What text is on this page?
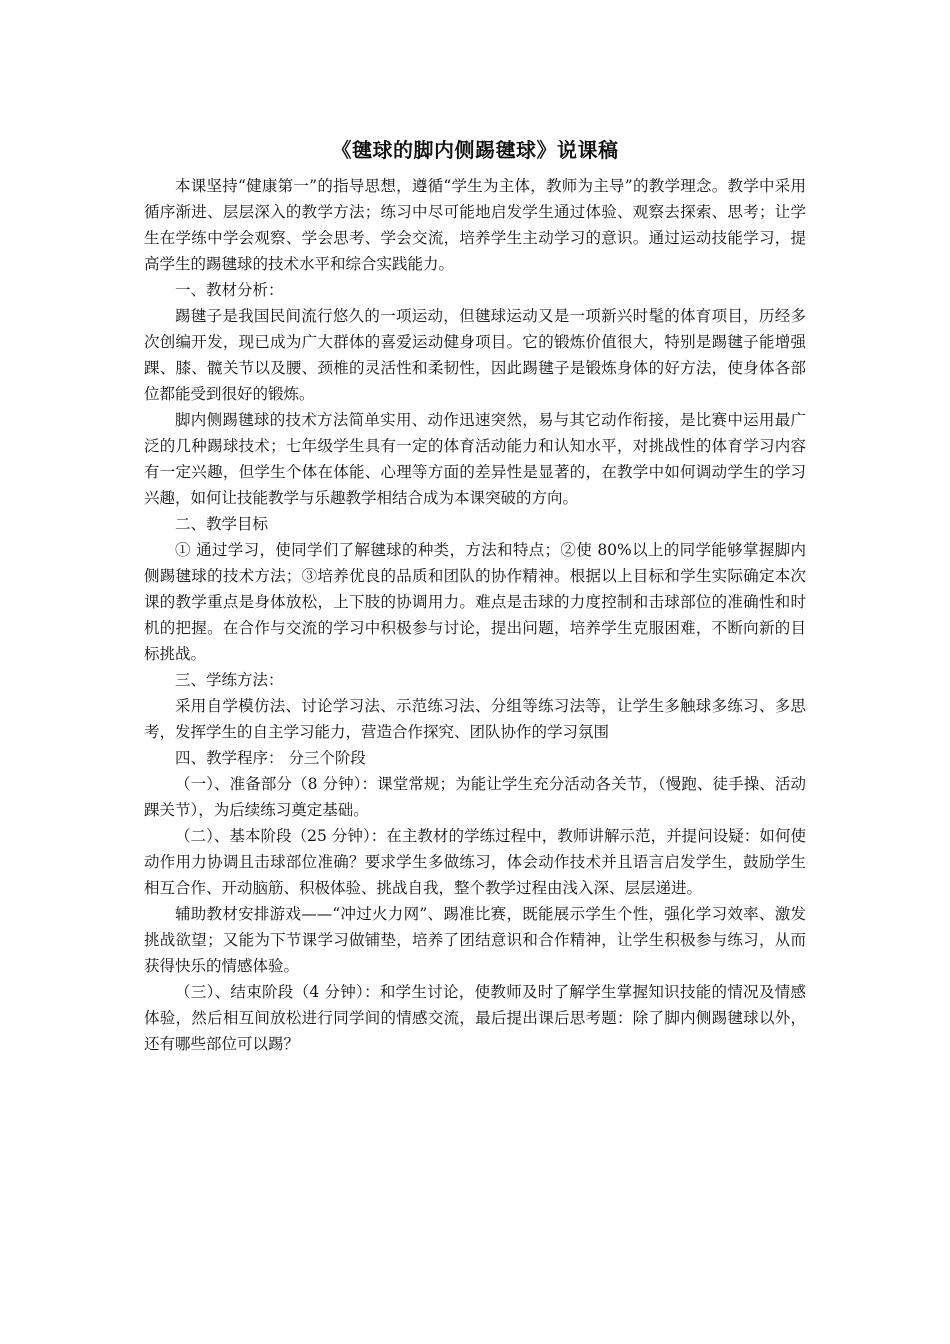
《毽球的脚内侧踢毽球》说课稿

本课坚持“健康第一”的指导思想，遵循“学生为主体，教师为主导”的教学理念。教学中采用循序渐进、层层深入的教学方法；练习中尽可能地启发学生通过体验、观察去探索、思考；让学生在学练中学会观察、学会思考、学会交流，培养学生主动学习的意识。通过运动技能学习，提高学生的踢毽球的技术水平和综合实践能力。

一、教材分析：

踢毽子是我国民间流行悠久的一项运动，但毽球运动又是一项新兴时髦的体育项目，历经多次创编开发，现已成为广大群体的喜爱运动健身项目。它的锻炼价值很大，特别是踢毽子能增强踝、膝、髋关节以及腰、颈椎的灵活性和柔韧性，因此踢毽子是锻炼身体的好方法，使身体各部位都能受到很好的锻炼。

脚内侧踢毽球的技术方法简单实用、动作迅速突然，易与其它动作衔接，是比赛中运用最广泛的几种踢球技术；七年级学生具有一定的体育活动能力和认知水平，对挑战性的体育学习内容有一定兴趣，但学生个体在体能、心理等方面的差异性是显著的，在教学中如何调动学生的学习兴趣，如何让技能教学与乐趣教学相结合成为本课突破的方向。

二、教学目标

① 通过学习，使同学们了解毽球的种类，方法和特点；②使 80%以上的同学能够掌握脚内侧踢毽球的技术方法；③培养优良的品质和团队的协作精神。根据以上目标和学生实际确定本次课的教学重点是身体放松，上下肢的协调用力。难点是击球的力度控制和击球部位的准确性和时机的把握。在合作与交流的学习中积极参与讨论，提出问题，培养学生克服困难，不断向新的目标挑战。

三、学练方法：

采用自学模仿法、讨论学习法、示范练习法、分组等练习法等，让学生多触球多练习、多思考，发挥学生的自主学习能力，营造合作探究、团队协作的学习氛围

四、教学程序： 分三个阶段

（一）、准备部分（8 分钟）：课堂常规；为能让学生充分活动各关节，（慢跑、徒手操、活动踝关节），为后续练习奠定基础。

（二）、基本阶段（25 分钟）：在主教材的学练过程中，教师讲解示范，并提问设疑：如何使动作用力协调且击球部位准确？要求学生多做练习，体会动作技术并且语言启发学生，鼓励学生相互合作、开动脑筋、积极体验、挑战自我，整个教学过程由浅入深、层层递进。

辅助教材安排游戏——“冲过火力网”、踢准比赛，既能展示学生个性，强化学习效率、激发挑战欲望；又能为下节课学习做铺垫，培养了团结意识和合作精神，让学生积极参与练习，从而获得快乐的情感体验。

（三）、结束阶段（4 分钟）：和学生讨论，使教师及时了解学生掌握知识技能的情况及情感体验，然后相互间放松进行同学间的情感交流，最后提出课后思考题：除了脚内侧踢毽球以外，还有哪些部位可以踢？
